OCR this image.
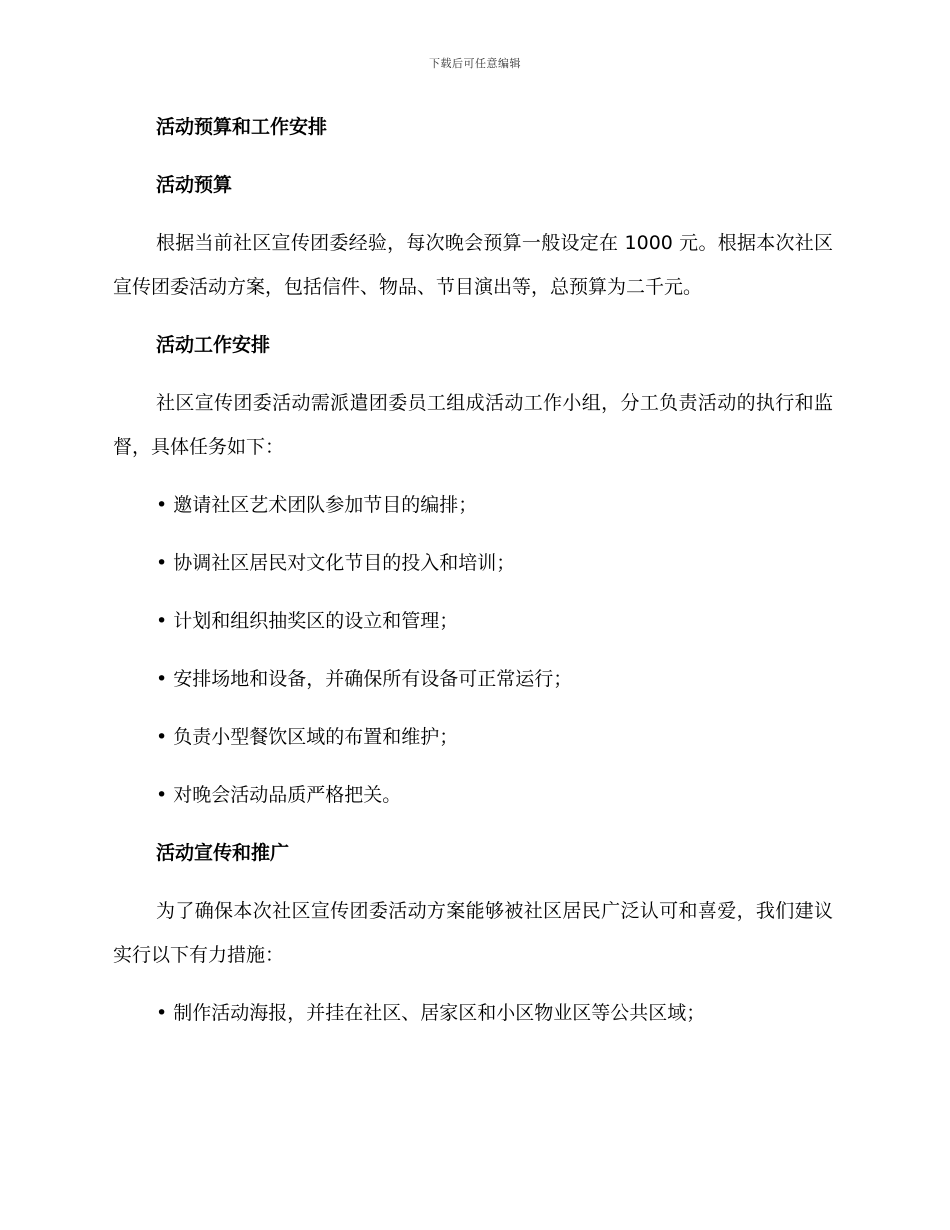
下载后可任意编辑
活动预算和工作安排
活动预算
根据当前社区宣传团委经验，每次晚会预算一般设定在 1000 元。根据本次社区宣传团委活动方案，包括信件、物品、节目演出等，总预算为二千元。
活动工作安排
社区宣传团委活动需派遣团委员工组成活动工作小组，分工负责活动的执行和监督，具体任务如下：
• 邀请社区艺术团队参加节目的编排；
• 协调社区居民对文化节目的投入和培训；
• 计划和组织抽奖区的设立和管理；
• 安排场地和设备，并确保所有设备可正常运行；
• 负责小型餐饮区域的布置和维护；
• 对晚会活动品质严格把关。
活动宣传和推广
为了确保本次社区宣传团委活动方案能够被社区居民广泛认可和喜爱，我们建议实行以下有力措施：
• 制作活动海报，并挂在社区、居家区和小区物业区等公共区域；
